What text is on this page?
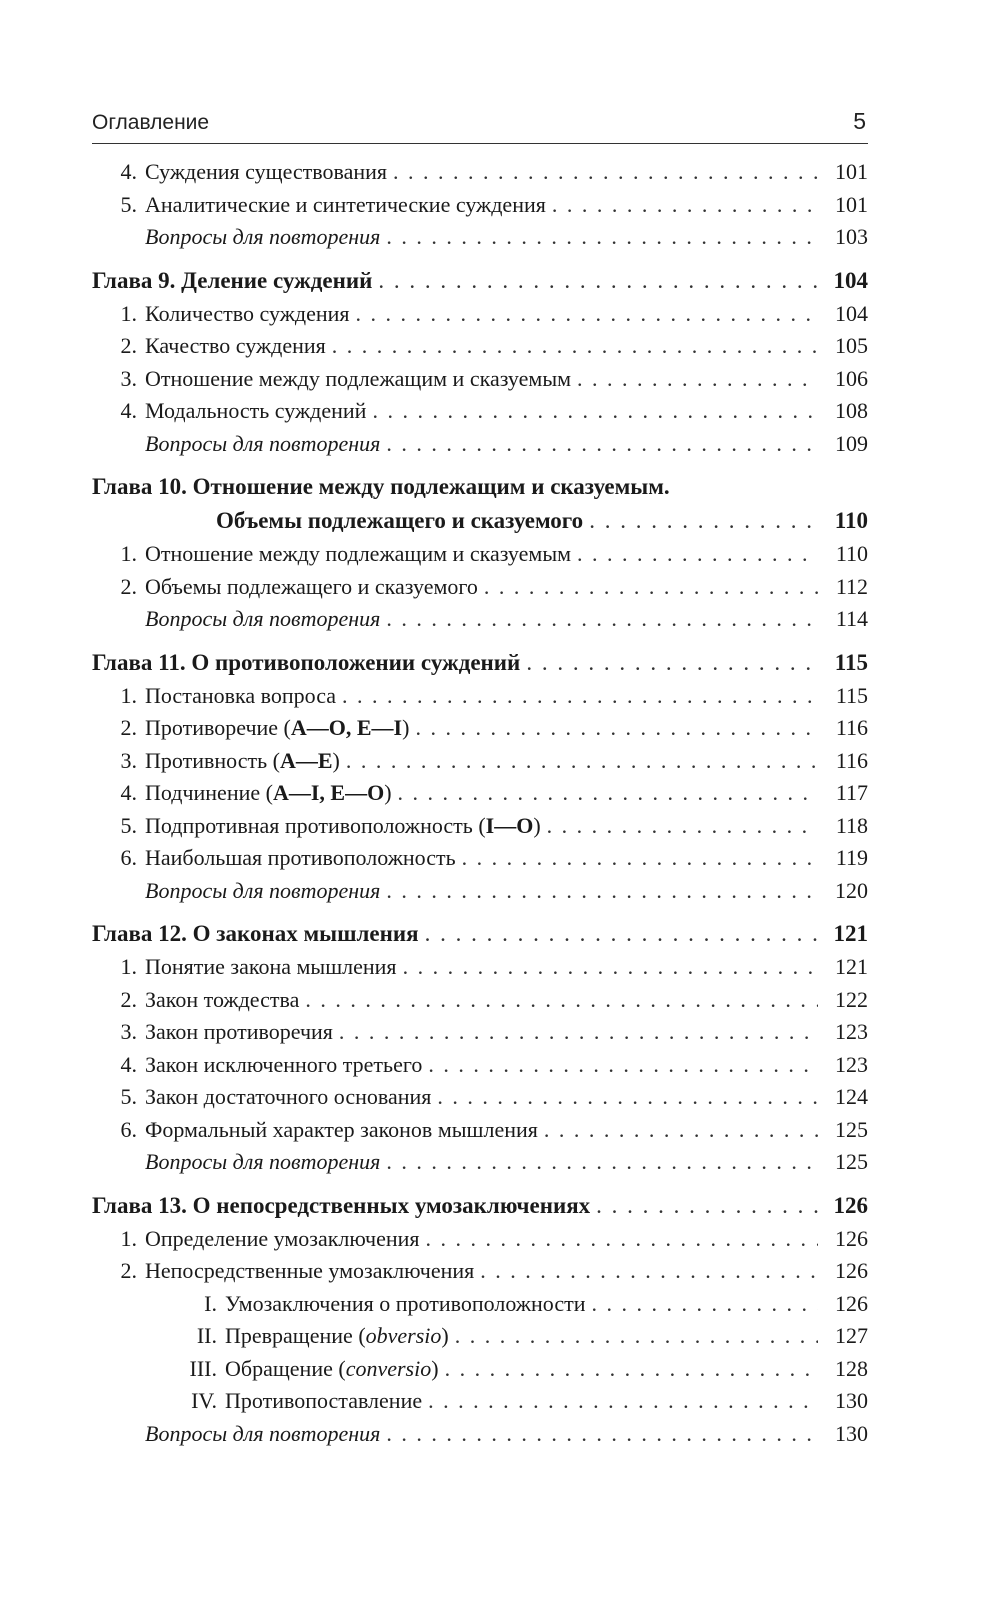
Оглавление	5
4. Суждения существования . . .	101
5. Аналитические и синтетические суждения . . .	101
Вопросы для повторения . . .	103
Глава 9.
Деление суждений . . .	104
1. Количество суждения . . .	104
2. Качество суждения . . .	105
3. Отношение между подлежащим и сказуемым . . .	106
4. Модальность суждений . . .	108
Вопросы для повторения . . .	109
Глава 10.
Отношение между подлежащим и сказуемым.
Объемы подлежащего и сказуемого . . .	110
1. Отношение между подлежащим и сказуемым . . .	110
2. Объемы подлежащего и сказуемого . . .	112
Вопросы для повторения . . .	114
Глава 11.
О противоположении суждений . . .	115
1. Постановка вопроса . . .	115
2. Противоречие (А—О, Е—I) . . .	116
3. Противность (А—Е) . . .	116
4. Подчинение (А—I, Е—О) . . .	117
5. Подпротивная противоположность (I—О) . . .	118
6. Наибольшая противоположность . . .	119
Вопросы для повторения . . .	120
Глава 12.
О законах мышления . . .	121
1. Понятие закона мышления . . .	121
2. Закон тождества . . .	122
3. Закон противоречия . . .	123
4. Закон исключенного третьего . . .	123
5. Закон достаточного основания . . .	124
6. Формальный характер законов мышления . . .	125
Вопросы для повторения . . .	125
Глава 13.
О непосредственных умозаключениях . . .	126
1. Определение умозаключения . . .	126
2. Непосредственные умозаключения . . .	126
I. Умозаключения о противоположности . . .	126
II. Превращение (obversio) . . .	127
III. Обращение (conversio) . . .	128
IV. Противопоставление . . .	130
Вопросы для повторения . . .	130
